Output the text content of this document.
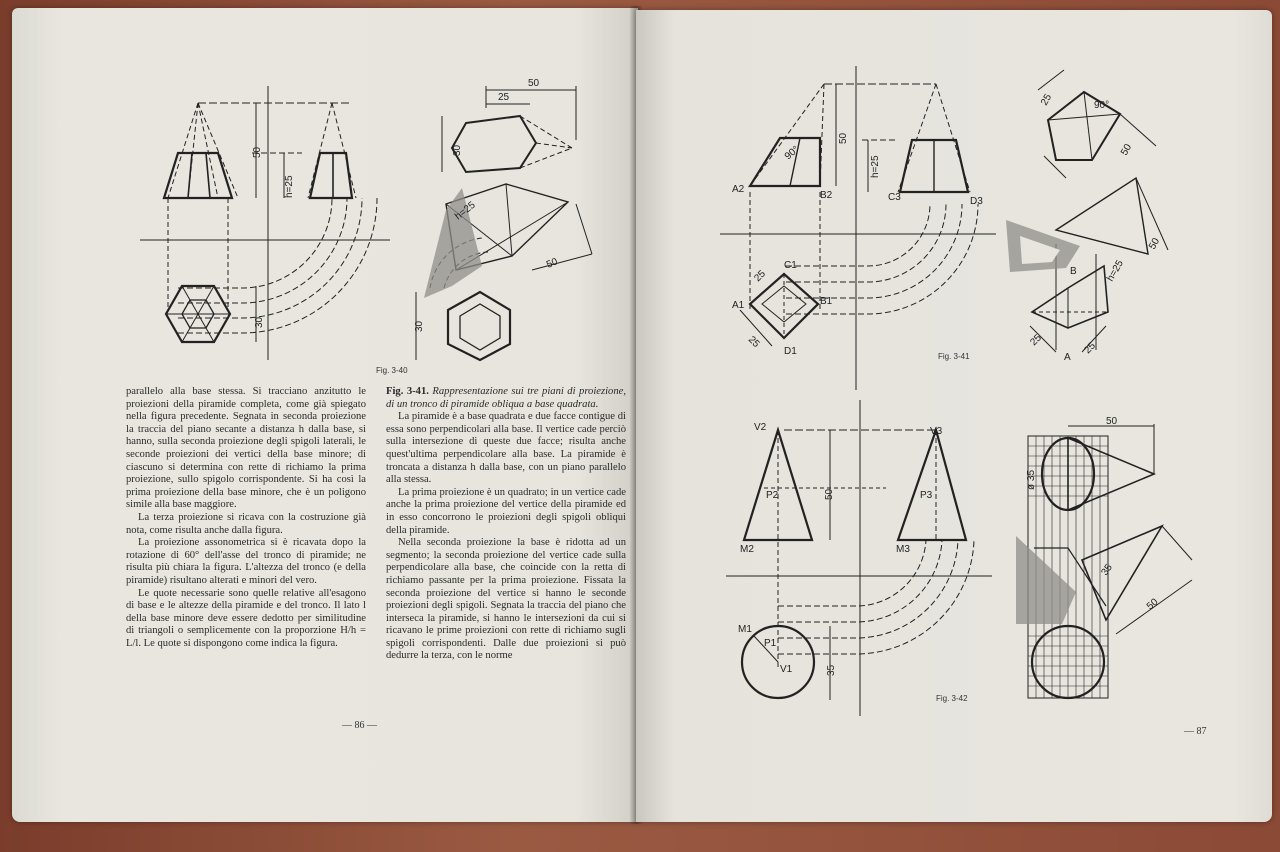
50
h=25
30
50
25
30
h=25
50
30
Fig. 3-40

parallelo alla base stessa. Si tracciano anzitutto le proiezioni della piramide completa, come già spiegato nella figura precedente. Segnata in seconda proiezione la traccia del piano secante a distanza h dalla base, si hanno, sulla seconda proiezione degli spigoli laterali, le seconde proiezioni dei vertici della base minore; di ciascuno si determina con rette di richiamo la prima proiezione, sullo spigolo corrispondente. Si ha così la prima proiezione della base minore, che è un poligono simile alla base maggiore.

La terza proiezione si ricava con la costruzione già nota, come risulta anche dalla figura.

La proiezione assonometrica si è ricavata dopo la rotazione di 60° dell'asse del tronco di piramide; ne risulta più chiara la figura. L'altezza del tronco (e della piramide) risultano alterati e minori del vero.

Le quote necessarie sono quelle relative all'esagono di base e le altezze della piramide e del tronco. Il lato l della base minore deve essere dedotto per similitudine di triangoli o semplicemente con la proporzione H/h = L/l. Le quote si dispongono come indica la figura.

Fig. 3-41. Rappresentazione sui tre piani di proiezione, di un tronco di piramide obliqua a base quadrata.

La piramide è a base quadrata e due facce contigue di essa sono perpendicolari alla base. Il vertice cade perciò sulla intersezione di queste due facce; risulta anche quest'ultima perpendicolare alla base. La piramide è troncata a distanza h dalla base, con un piano parallelo alla stessa.

La prima proiezione è un quadrato; in un vertice cade anche la prima proiezione del vertice della piramide ed in esso concorrono le proiezioni degli spigoli obliqui della piramide.

Nella seconda proiezione la base è ridotta ad un segmento; la seconda proiezione del vertice cade sulla perpendicolare alla base, che coincide con la retta di richiamo passante per la prima proiezione. Fissata la seconda proiezione del vertice si hanno le seconde proiezioni degli spigoli. Segnata la traccia del piano che interseca la piramide, si hanno le intersezioni da cui si ricavano le prime proiezioni con rette di richiamo sugli spigoli corrispondenti. Dalle due proiezioni si può dedurre la terza, con le norme

— 86 —
A2
B2	C3	D3
A1	B1
C1
D1
90°
50
h=25
25
25
A
B
25	90°
50
50
h=25
25
25
Fig. 3-41
V2	V3
P2	P3
M2	M3
M1
P1
V1
50
35
50
ø 35
35
50
Fig. 3-42
— 87
